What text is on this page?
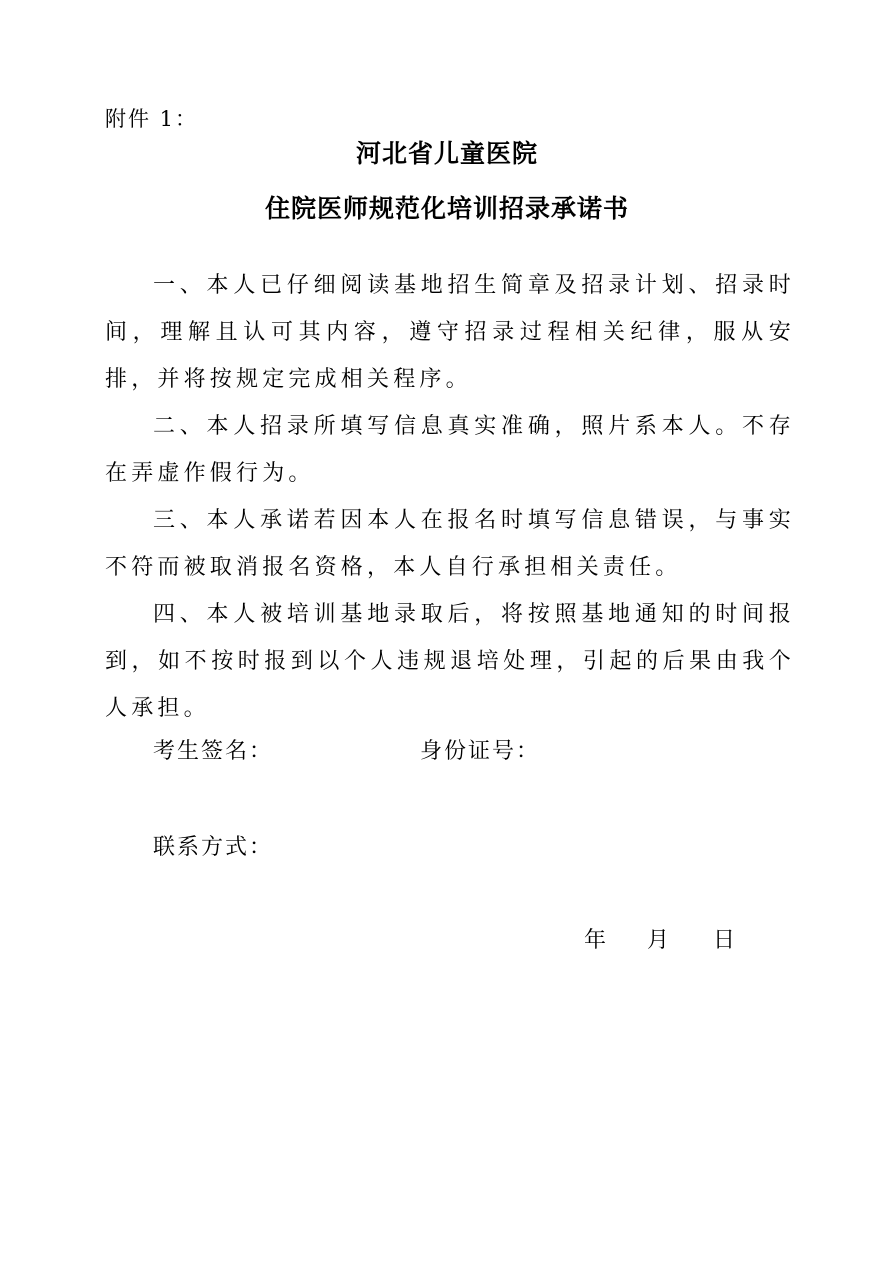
附件 1：
河北省儿童医院
住院医师规范化培训招录承诺书

一、本人已仔细阅读基地招生简章及招录计划、招录时间，理解且认可其内容，遵守招录过程相关纪律，服从安排，并将按规定完成相关程序。

二、本人招录所填写信息真实准确，照片系本人。不存在弄虚作假行为。

三、本人承诺若因本人在报名时填写信息错误，与事实不符而被取消报名资格，本人自行承担相关责任。

四、本人被培训基地录取后，将按照基地通知的时间报到，如不按时报到以个人违规退培处理，引起的后果由我个人承担。

考生签名：	身份证号：
联系方式：
年 月 日
